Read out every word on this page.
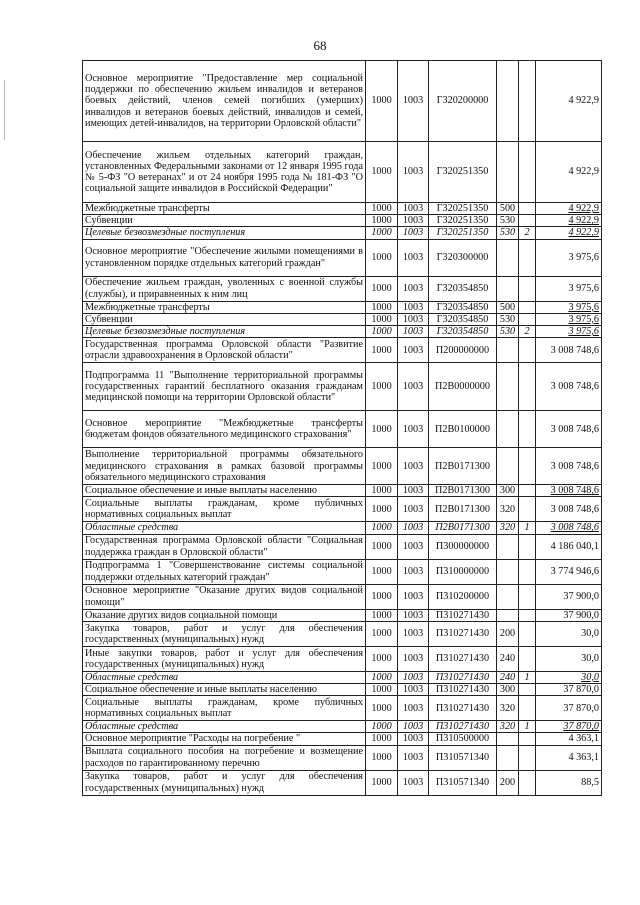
68
Основное мероприятие "Предоставление мер социальной поддержки по обеспечению жильем инвалидов и ветеранов боевых действий, членов семей погибших (умерших) инвалидов и ветеранов боевых действий, инвалидов и семей, имеющих детей-инвалидов, на территории Орловской области"	1000	1003	Г320200000			4 922,9
Обеспечение жильем отдельных категорий граждан, установленных Федеральными законами от 12 января 1995 года № 5-ФЗ "О ветеранах" и от 24 ноября 1995 года № 181-ФЗ "О социальной защите инвалидов в Российской Федерации"	1000	1003	Г320251350			4 922,9
Межбюджетные трансферты	1000	1003	Г320251350	500		4 922,9
Субвенции	1000	1003	Г320251350	530		4 922,9
Целевые безвозмездные поступления	1000	1003	Г320251350	530	2	4 922,9
Основное мероприятие "Обеспечение жилыми помещениями в установленном порядке отдельных категорий граждан"	1000	1003	Г320300000			3 975,6
Обеспечение жильем граждан, уволенных с военной службы (службы), и приравненных к ним лиц	1000	1003	Г320354850			3 975,6
Межбюджетные трансферты	1000	1003	Г320354850	500		3 975,6
Субвенции	1000	1003	Г320354850	530		3 975,6
Целевые безвозмездные поступления	1000	1003	Г320354850	530	2	3 975,6
Государственная программа Орловской области "Развитие отрасли здравоохранения в Орловской области"	1000	1003	П200000000			3 008 748,6
Подпрограмма 11 "Выполнение территориальной программы государственных гарантий бесплатного оказания гражданам медицинской помощи на территории Орловской области"	1000	1003	П2В0000000			3 008 748,6
Основное мероприятие "Межбюджетные трансферты бюджетам фондов обязательного медицинского страхования"	1000	1003	П2В0100000			3 008 748,6
Выполнение территориальной программы обязательного медицинского страхования в рамках базовой программы обязательного медицинского страхования	1000	1003	П2В0171300			3 008 748,6
Социальное обеспечение и иные выплаты населению	1000	1003	П2В0171300	300		3 008 748,6
Социальные выплаты гражданам, кроме публичных нормативных социальных выплат	1000	1003	П2В0171300	320		3 008 748,6
Областные средства	1000	1003	П2В0171300	320	1	3 008 748,6
Государственная программа Орловской области "Социальная поддержка граждан в Орловской области"	1000	1003	П300000000			4 186 040,1
Подпрограмма 1 "Совершенствование системы социальной поддержки отдельных категорий граждан"	1000	1003	П310000000			3 774 946,6
Основное мероприятие "Оказание других видов социальной помощи"	1000	1003	П310200000			37 900,0
Оказание других видов социальной помощи	1000	1003	П310271430			37 900,0
Закупка товаров, работ и услуг для обеспечения государственных (муниципальных) нужд	1000	1003	П310271430	200		30,0
Иные закупки товаров, работ и услуг для обеспечения государственных (муниципальных) нужд	1000	1003	П310271430	240		30,0
Областные средства	1000	1003	П310271430	240	1	30,0
Социальное обеспечение и иные выплаты населению	1000	1003	П310271430	300		37 870,0
Социальные выплаты гражданам, кроме публичных нормативных социальных выплат	1000	1003	П310271430	320		37 870,0
Областные средства	1000	1003	П310271430	320	1	37 870,0
Основное мероприятие "Расходы на погребение "	1000	1003	П310500000			4 363,1
Выплата социального пособия на погребение и возмещение расходов по гарантированному перечню	1000	1003	П310571340			4 363,1
Закупка товаров, работ и услуг для обеспечения государственных (муниципальных) нужд	1000	1003	П310571340	200		88,5
